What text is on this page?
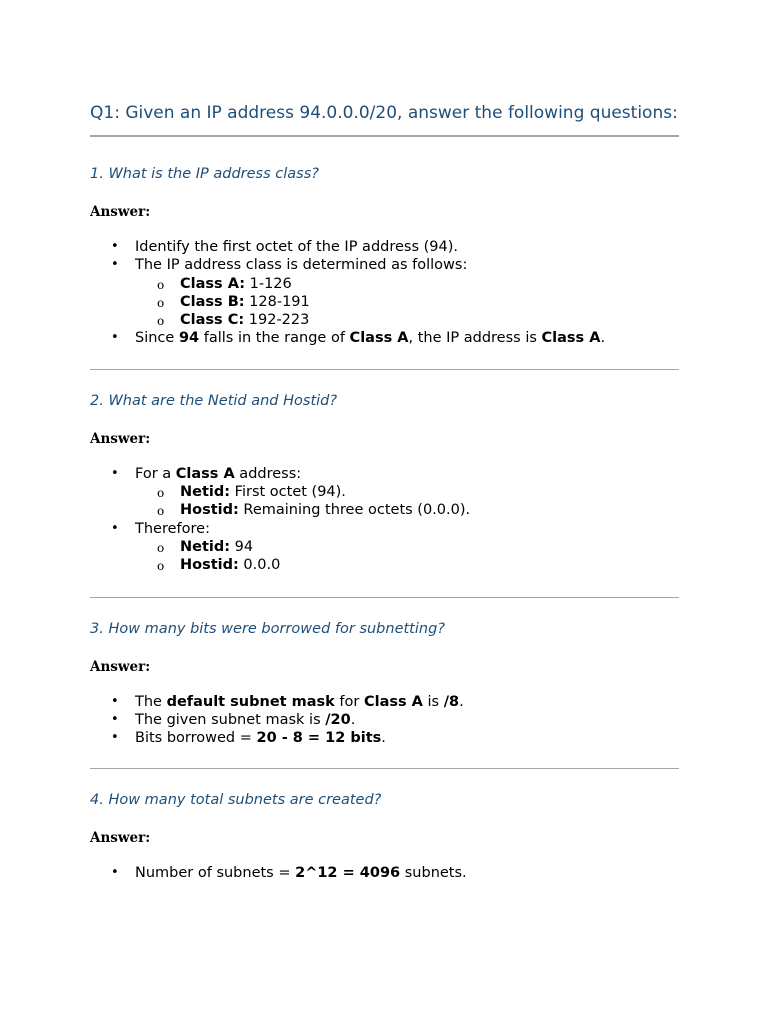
Q1: Given an IP address 94.0.0.0/20, answer the following questions:

1. What is the IP address class?

Answer:

• Identify the first octet of the IP address (94).
• The IP address class is determined as follows:
o Class A: 1-126
o Class B: 128-191
o Class C: 192-223
• Since 94 falls in the range of Class A, the IP address is Class A.

2. What are the Netid and Hostid?

Answer:

• For a Class A address:
o Netid: First octet (94).
o Hostid: Remaining three octets (0.0.0).
• Therefore:
o Netid: 94
o Hostid: 0.0.0

3. How many bits were borrowed for subnetting?

Answer:

• The default subnet mask for Class A is /8.
• The given subnet mask is /20.
• Bits borrowed = 20 - 8 = 12 bits.

4. How many total subnets are created?

Answer:

• Number of subnets = 2^12 = 4096 subnets.
